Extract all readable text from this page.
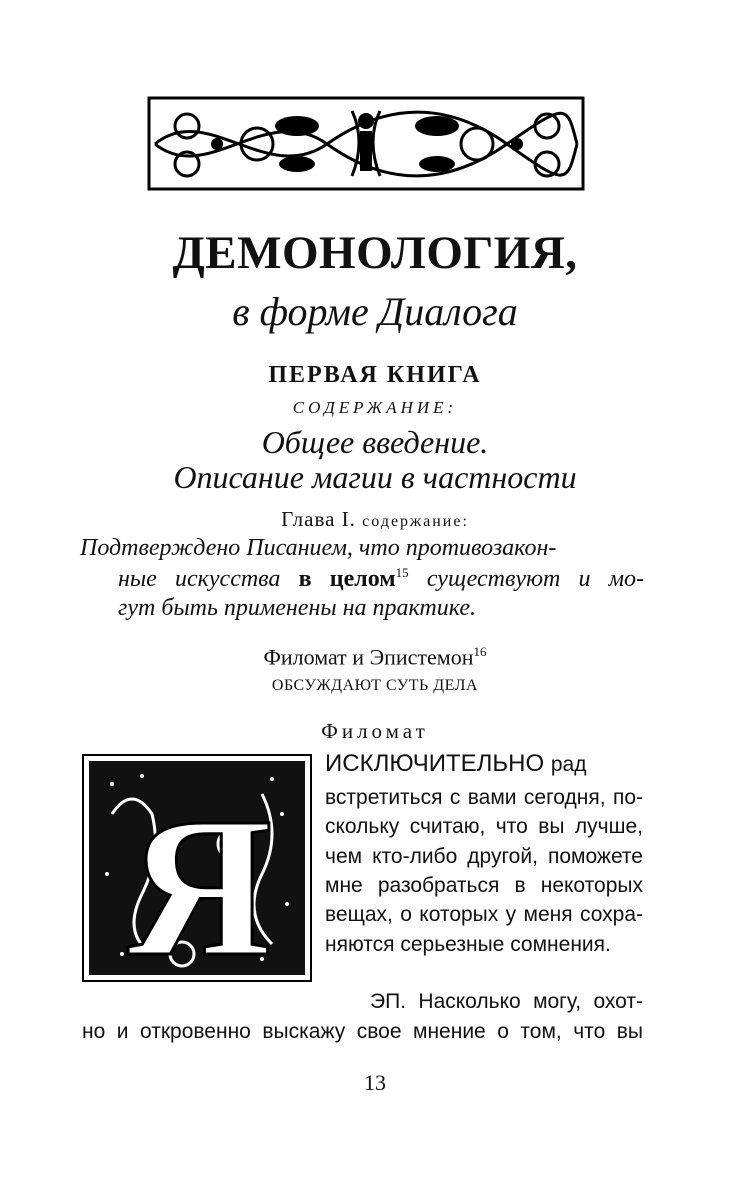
ДЕМОНОЛОГИЯ,
в форме Диалога
ПЕРВАЯ КНИГА
СОДЕРЖАНИЕ:
Общее введение.
Описание магии в частности
Глава I. содержание:
Подтверждено Писанием, что противозакон-
ные искусства в целом$^{15}$ существуют и мо-
гут быть применены на практике.
Филомат и Эпистемон$^{16}$
ОБСУЖДАЮТ СУТЬ ДЕЛА
Филомат
Я
ИСКЛЮЧИТЕЛЬНО рад
встретиться с вами сегодня, по-
скольку считаю, что вы лучше,
чем кто-либо другой, поможете
мне разобраться в некоторых
вещах, о которых у меня сохра-
няются серьезные сомнения.
ЭП. Насколько могу, охот-
но и откровенно выскажу свое мнение о том, что вы
13
